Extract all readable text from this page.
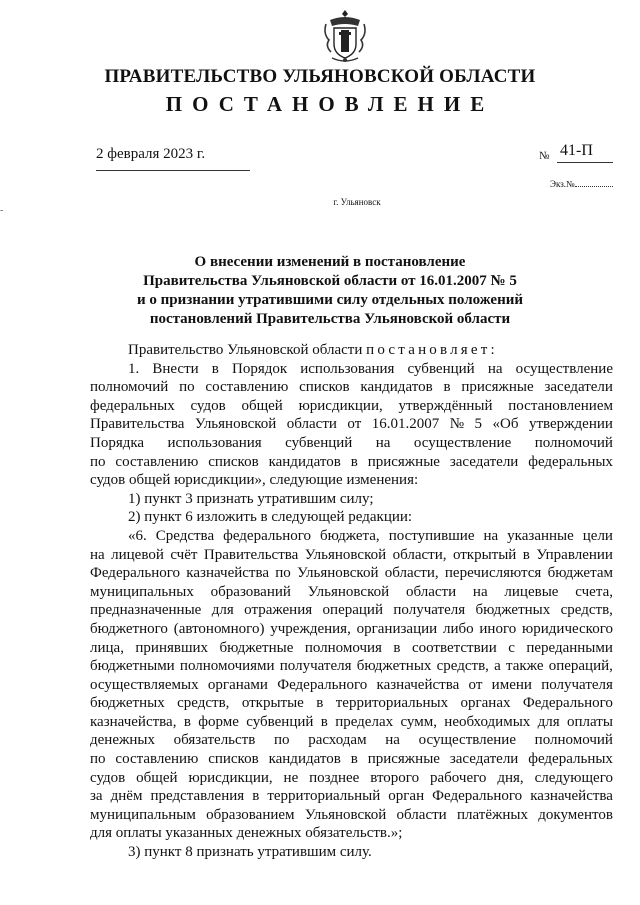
ПРАВИТЕЛЬСТВО УЛЬЯНОВСКОЙ ОБЛАСТИ
ПОСТАНОВЛЕНИЕ
2 февраля 2023 г.	№ 41-П
Экз.№
г. Ульяновск
-
О внесении изменений в постановление
Правительства Ульяновской области от 16.01.2007 № 5
и о признании утратившими силу отдельных положений
постановлений Правительства Ульяновской области
Правительство Ульяновской области постановляет:
1. Внести в Порядок использования субвенций на осуществление
полномочий по составлению списков кандидатов в присяжные заседатели
федеральных судов общей юрисдикции, утверждённый постановлением
Правительства Ульяновской области от 16.01.2007 № 5 «Об утверждении
Порядка использования субвенций на осуществление полномочий
по составлению списков кандидатов в присяжные заседатели федеральных
судов общей юрисдикции», следующие изменения:
1) пункт 3 признать утратившим силу;
2) пункт 6 изложить в следующей редакции:
«6. Средства федерального бюджета, поступившие на указанные цели
на лицевой счёт Правительства Ульяновской области, открытый в Управлении
Федерального казначейства по Ульяновской области, перечисляются бюджетам
муниципальных образований Ульяновской области на лицевые счета,
предназначенные для отражения операций получателя бюджетных средств,
бюджетного (автономного) учреждения, организации либо иного юридического
лица, принявших бюджетные полномочия в соответствии с переданными
бюджетными полномочиями получателя бюджетных средств, а также операций,
осуществляемых органами Федерального казначейства от имени получателя
бюджетных средств, открытые в территориальных органах Федерального
казначейства, в форме субвенций в пределах сумм, необходимых для оплаты
денежных обязательств по расходам на осуществление полномочий
по составлению списков кандидатов в присяжные заседатели федеральных
судов общей юрисдикции, не позднее второго рабочего дня, следующего
за днём представления в территориальный орган Федерального казначейства
муниципальным образованием Ульяновской области платёжных документов
для оплаты указанных денежных обязательств.»;
3) пункт 8 признать утратившим силу.
